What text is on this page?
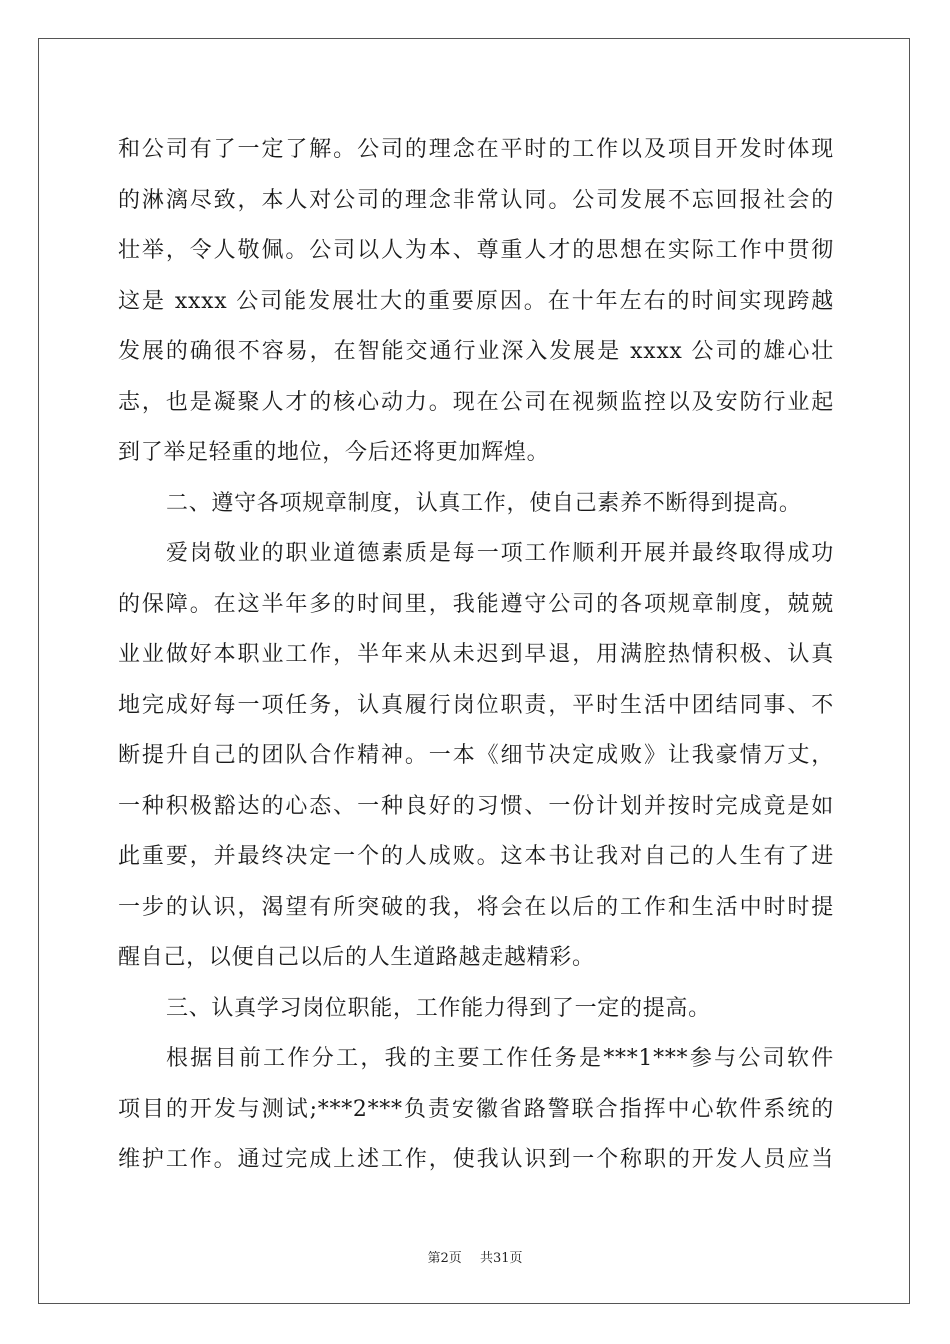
和公司有了一定了解。公司的理念在平时的工作以及项目开发时体现
的淋漓尽致，本人对公司的理念非常认同。公司发展不忘回报社会的
壮举，令人敬佩。公司以人为本、尊重人才的思想在实际工作中贯彻
这是 xxxx 公司能发展壮大的重要原因。在十年左右的时间实现跨越
发展的确很不容易，在智能交通行业深入发展是 xxxx 公司的雄心壮
志，也是凝聚人才的核心动力。现在公司在视频监控以及安防行业起
到了举足轻重的地位，今后还将更加辉煌。
二、遵守各项规章制度，认真工作，使自己素养不断得到提高。
爱岗敬业的职业道德素质是每一项工作顺利开展并最终取得成功
的保障。在这半年多的时间里，我能遵守公司的各项规章制度，兢兢
业业做好本职业工作，半年来从未迟到早退，用满腔热情积极、认真
地完成好每一项任务，认真履行岗位职责，平时生活中团结同事、不
断提升自己的团队合作精神。一本《细节决定成败》让我豪情万丈，
一种积极豁达的心态、一种良好的习惯、一份计划并按时完成竟是如
此重要，并最终决定一个的人成败。这本书让我对自己的人生有了进
一步的认识，渴望有所突破的我，将会在以后的工作和生活中时时提
醒自己，以便自己以后的人生道路越走越精彩。
三、认真学习岗位职能，工作能力得到了一定的提高。
根据目前工作分工，我的主要工作任务是***1***参与公司软件
项目的开发与测试;***2***负责安徽省路警联合指挥中心软件系统的
维护工作。通过完成上述工作，使我认识到一个称职的开发人员应当
第2页 共31页
